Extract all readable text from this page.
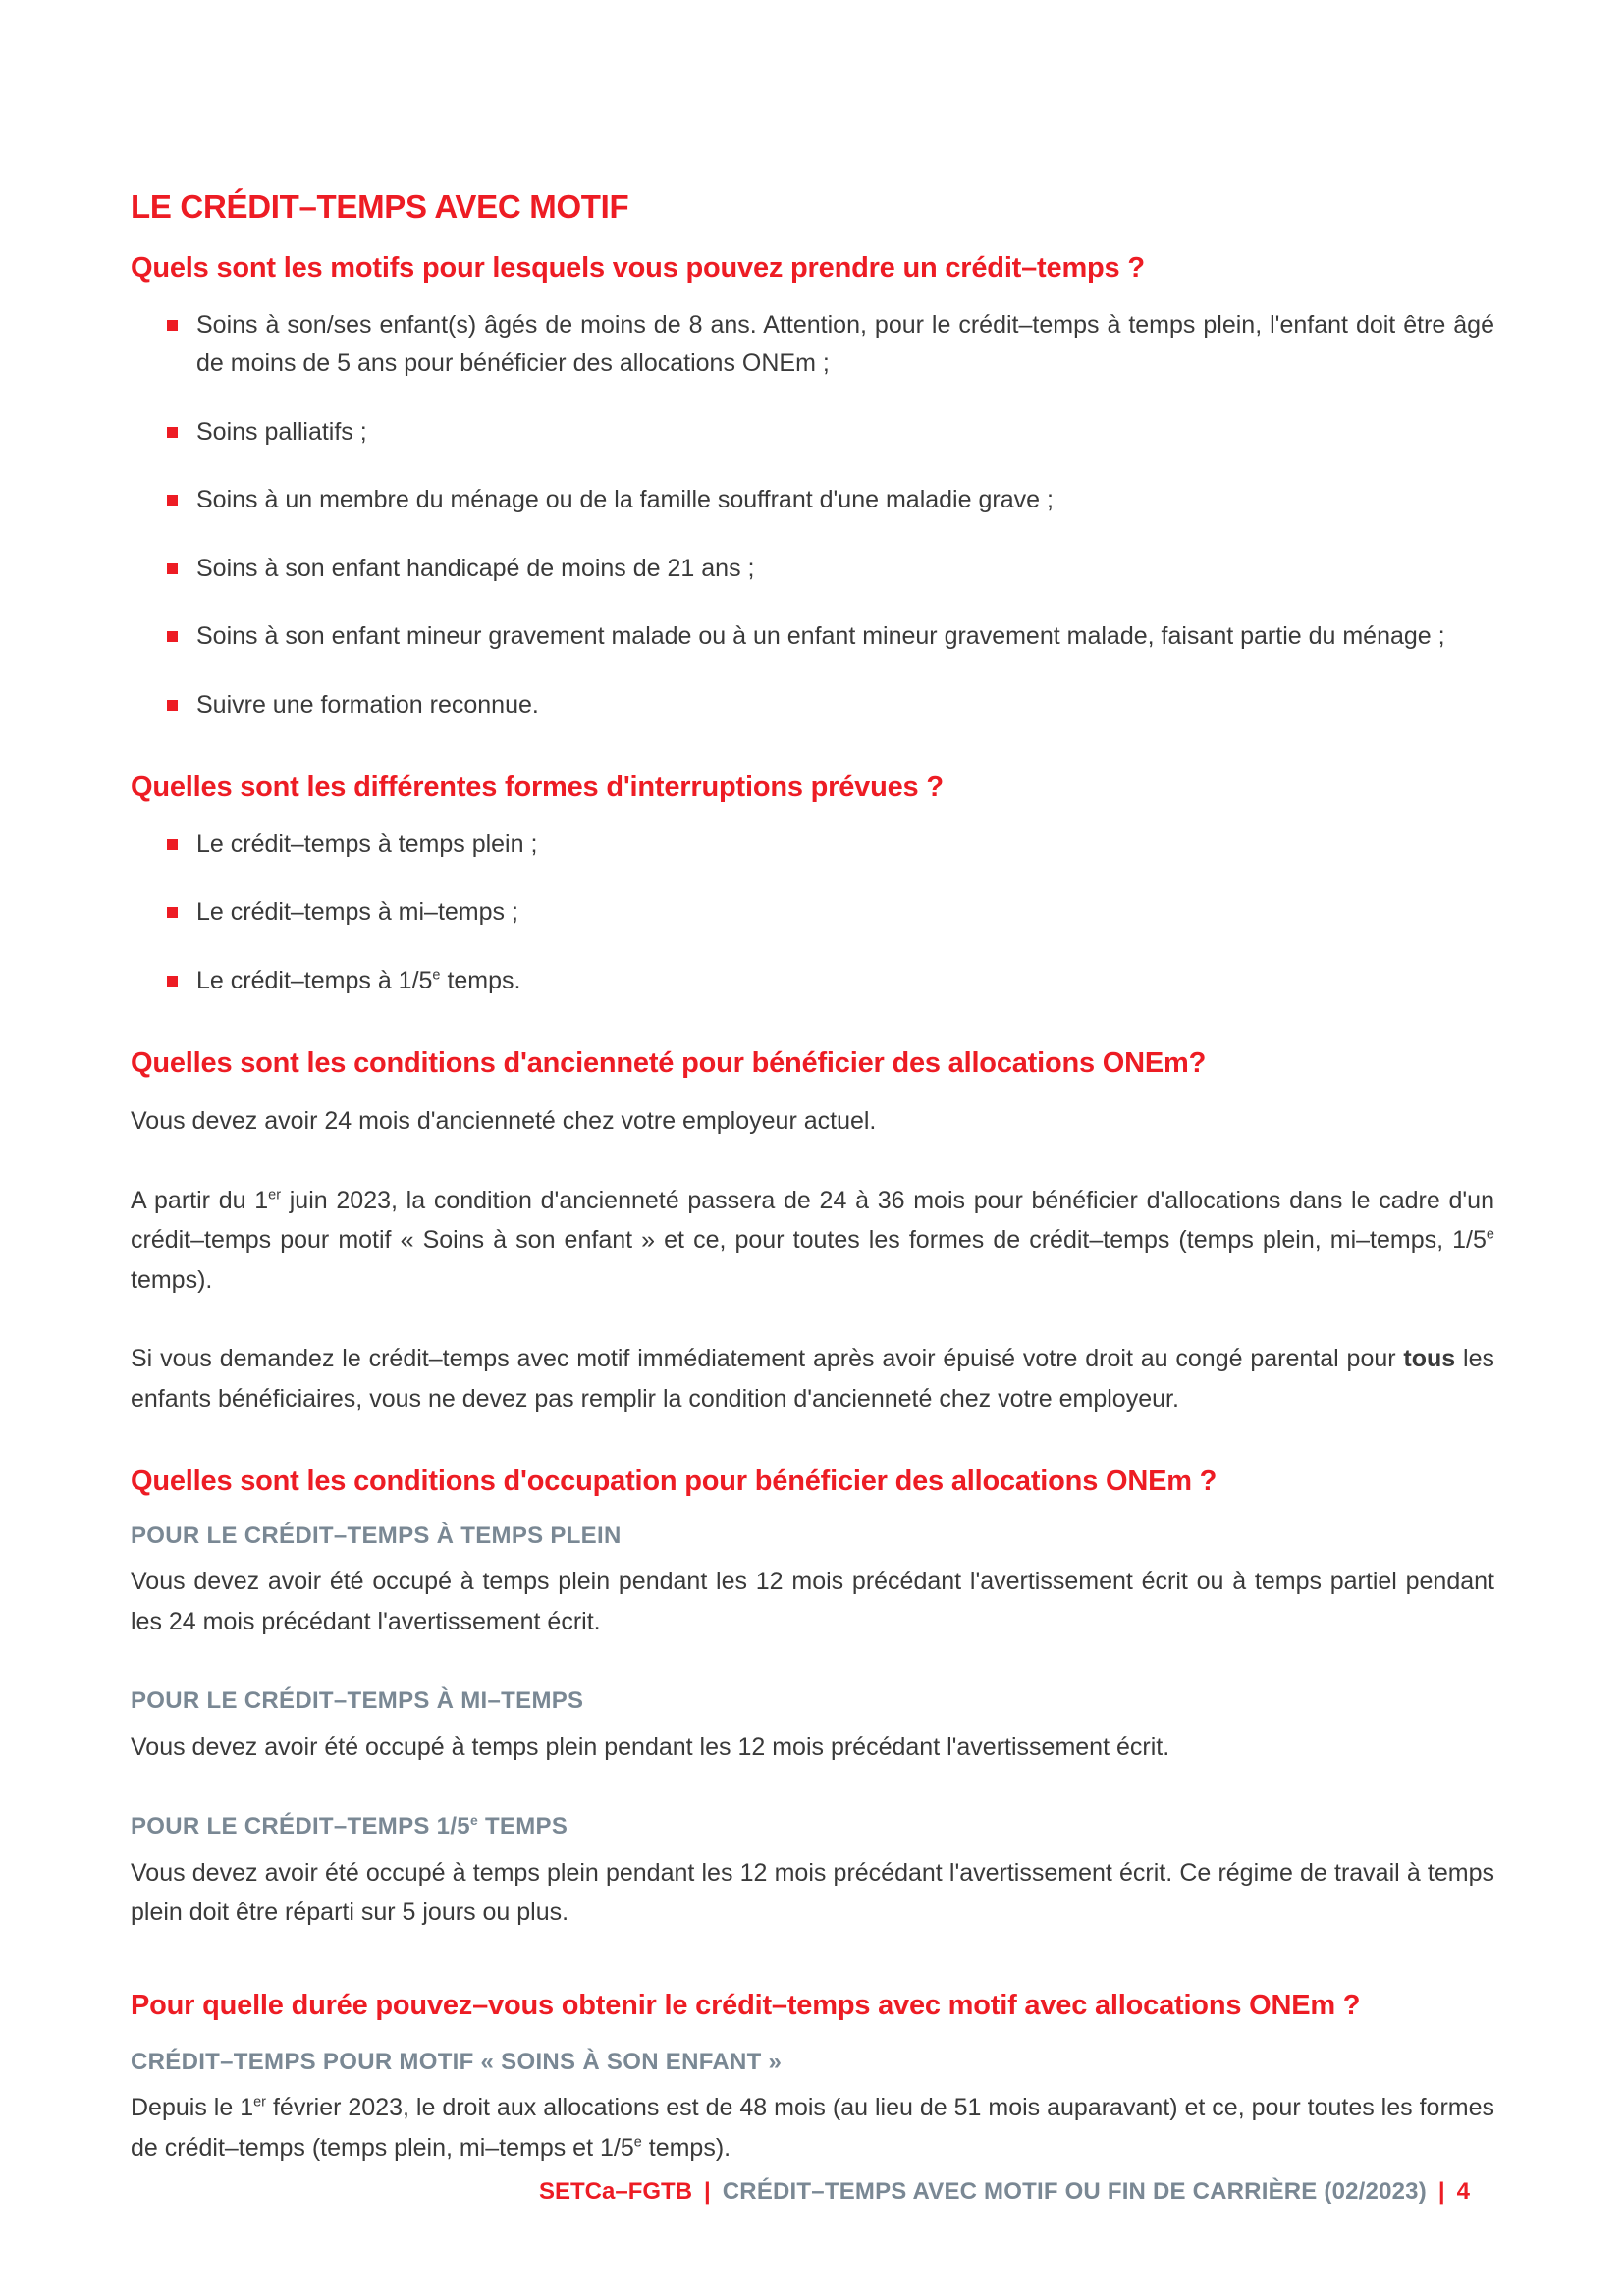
LE CRÉDIT–TEMPS AVEC MOTIF
Quels sont les motifs pour lesquels vous pouvez prendre un crédit–temps ?
Soins à son/ses enfant(s) âgés de moins de 8 ans. Attention, pour le crédit–temps à temps plein, l'enfant doit être âgé de moins de 5 ans pour bénéficier des allocations ONEm ;
Soins palliatifs ;
Soins à un membre du ménage ou de la famille souffrant d'une maladie grave ;
Soins à son enfant handicapé de moins de 21 ans ;
Soins à son enfant mineur gravement malade ou à un enfant mineur gravement malade, faisant partie du ménage ;
Suivre une formation reconnue.
Quelles sont les différentes formes d'interruptions prévues ?
Le crédit–temps à temps plein ;
Le crédit–temps à mi–temps ;
Le crédit–temps à 1/5e temps.
Quelles sont les conditions d'ancienneté pour bénéficier des allocations ONEm?

Vous devez avoir 24 mois d'ancienneté chez votre employeur actuel.

A partir du 1er juin 2023, la condition d'ancienneté passera de 24 à 36 mois pour bénéficier d'allocations dans le cadre d'un crédit–temps pour motif « Soins à son enfant » et ce, pour toutes les formes de crédit–temps (temps plein, mi–temps, 1/5e temps).

Si vous demandez le crédit–temps avec motif immédiatement après avoir épuisé votre droit au congé parental pour tous les enfants bénéficiaires, vous ne devez pas remplir la condition d'ancienneté chez votre employeur.

Quelles sont les conditions d'occupation pour bénéficier des allocations ONEm ?
POUR LE CRÉDIT–TEMPS À TEMPS PLEIN

Vous devez avoir été occupé à temps plein pendant les 12 mois précédant l'avertissement écrit ou à temps partiel pendant les 24 mois précédant l'avertissement écrit.

POUR LE CRÉDIT–TEMPS À MI–TEMPS

Vous devez avoir été occupé à temps plein pendant les 12 mois précédant l'avertissement écrit.

POUR LE CRÉDIT–TEMPS 1/5e TEMPS

Vous devez avoir été occupé à temps plein pendant les 12 mois précédant l'avertissement écrit. Ce régime de travail à temps plein doit être réparti sur 5 jours ou plus.

Pour quelle durée pouvez–vous obtenir le crédit–temps avec motif avec allocations ONEm ?
CRÉDIT–TEMPS POUR MOTIF « SOINS À SON ENFANT »

Depuis le 1er février 2023, le droit aux allocations est de 48 mois (au lieu de 51 mois auparavant) et ce, pour toutes les formes de crédit–temps (temps plein, mi–temps et 1/5e temps).

SETCa–FGTB | CRÉDIT–TEMPS AVEC MOTIF OU FIN DE CARRIÈRE (02/2023) | 4
